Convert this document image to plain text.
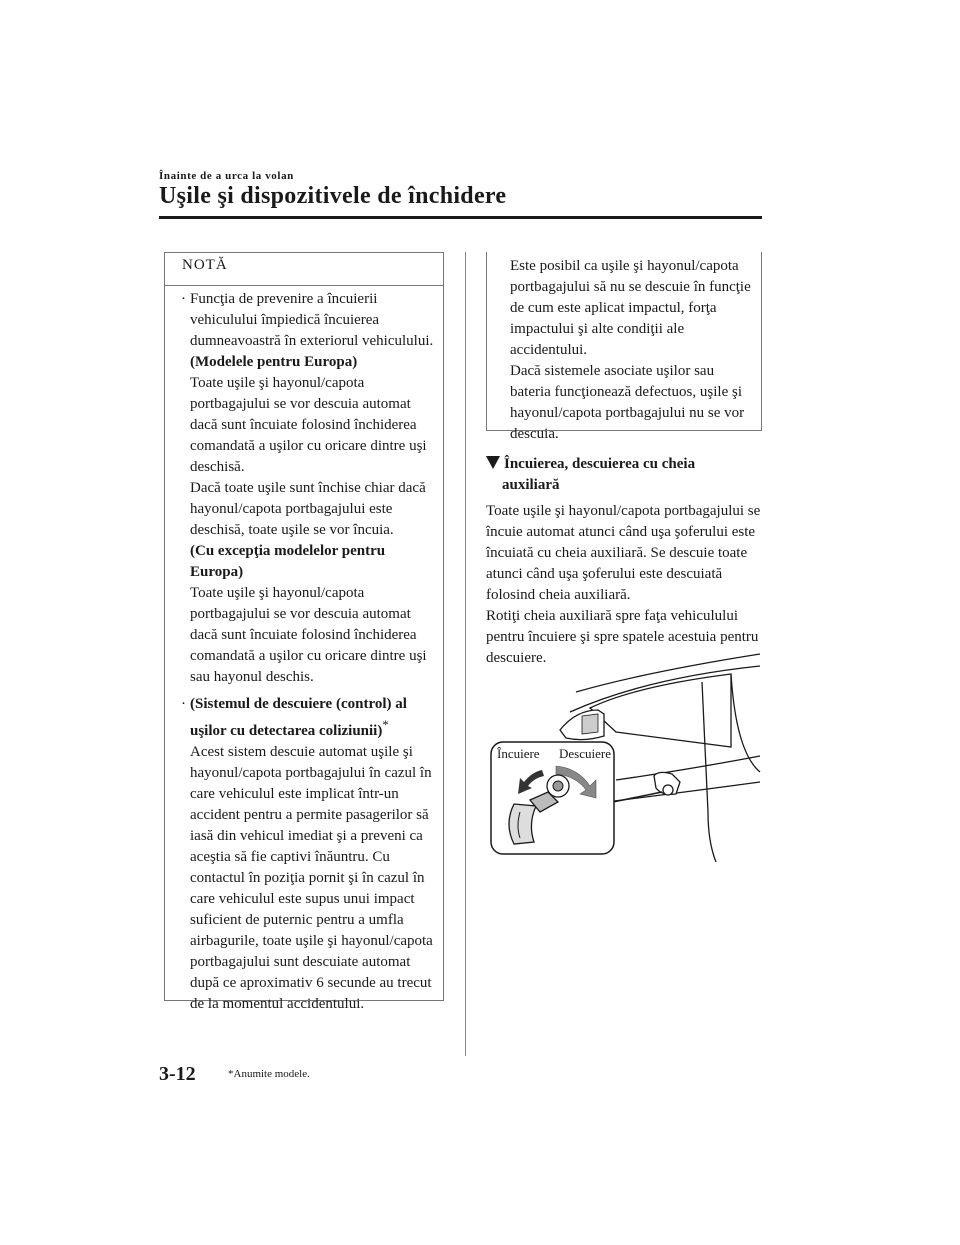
Înainte de a urca la volan
Uşile şi dispozitivele de închidere
NOTĂ

· Funcţia de prevenire a încuierii vehiculului împiedică încuierea dumneavoastră în exteriorul vehiculului.
(Modelele pentru Europa)
Toate uşile şi hayonul/capota portbagajului se vor descuia automat dacă sunt încuiate folosind închiderea comandată a uşilor cu oricare dintre uşi deschisă.
Dacă toate uşile sunt închise chiar dacă hayonul/capota portbagajului este deschisă, toate uşile se vor încuia.
(Cu excepţia modelelor pentru Europa)
Toate uşile şi hayonul/capota portbagajului se vor descuia automat dacă sunt încuiate folosind închiderea comandată a uşilor cu oricare dintre uşi sau hayonul deschis.

· (Sistemul de descuiere (control) al uşilor cu detectarea coliziunii)*
Acest sistem descuie automat uşile şi hayonul/capota portbagajului în cazul în care vehiculul este implicat într-un accident pentru a permite pasagerilor să iasă din vehicul imediat şi a preveni ca aceştia să fie captivi înăuntru. Cu contactul în poziţia pornit şi în cazul în care vehiculul este supus unui impact suficient de puternic pentru a umfla airbagurile, toate uşile şi hayonul/capota portbagajului sunt descuiate automat după ce aproximativ 6 secunde au trecut de la momentul accidentului.

Este posibil ca uşile şi hayonul/capota portbagajului să nu se descuie în funcţie de cum este aplicat impactul, forţa impactului şi alte condiţii ale accidentului.

Dacă sistemele asociate uşilor sau bateria funcţionează defectuos, uşile şi hayonul/capota portbagajului nu se vor descuia.

Încuierea, descuierea cu cheia
auxiliară

Toate uşile şi hayonul/capota portbagajului se încuie automat atunci când uşa şoferului este încuiată cu cheia auxiliară. Se descuie toate atunci când uşa şoferului este descuiată folosind cheia auxiliară.

Rotiţi cheia auxiliară spre faţa vehiculului pentru încuiere şi spre spatele acestuia pentru descuiere.

Încuiere Descuiere
3-12	*Anumite modele.
